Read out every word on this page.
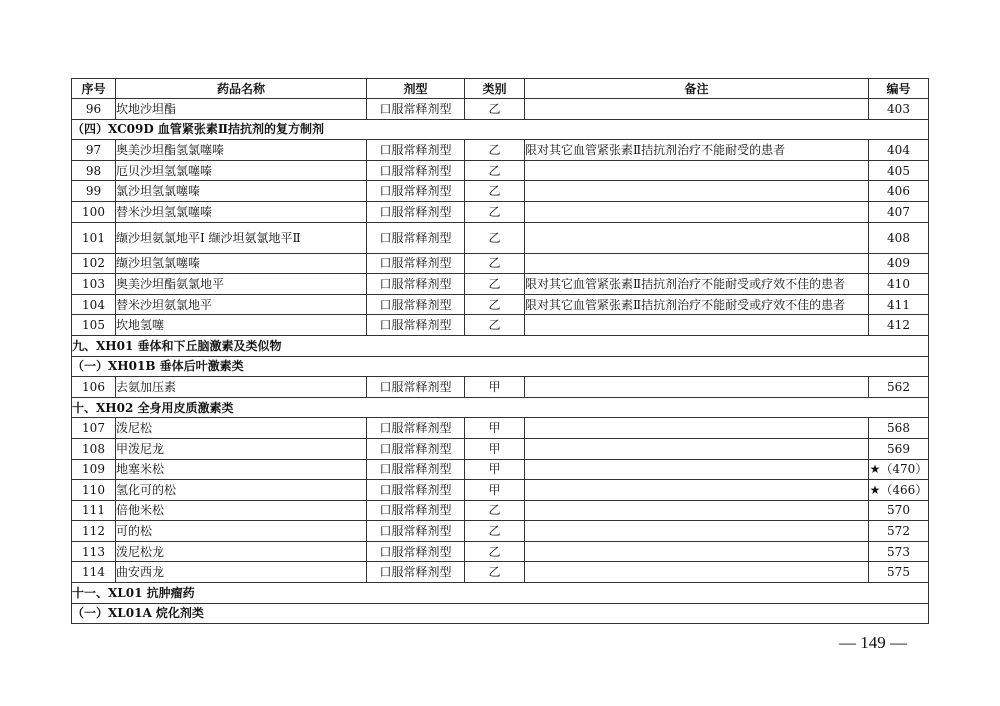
序号	药品名称	剂型	类别	备注	编号
96	坎地沙坦酯	口服常释剂型	乙		403
（四）XC09D 血管紧张素Ⅱ拮抗剂的复方制剂					
97	奥美沙坦酯氢氯噻嗪	口服常释剂型	乙	限对其它血管紧张素Ⅱ拮抗剂治疗不能耐受的患者	404
98	厄贝沙坦氢氯噻嗪	口服常释剂型	乙		405
99	氯沙坦氢氯噻嗪	口服常释剂型	乙		406
100	替米沙坦氢氯噻嗪	口服常释剂型	乙		407
101	缬沙坦氨氯地平Ⅰ 缬沙坦氨氯地平Ⅱ	口服常释剂型	乙		408
102	缬沙坦氢氯噻嗪	口服常释剂型	乙		409
103	奥美沙坦酯氨氯地平	口服常释剂型	乙	限对其它血管紧张素Ⅱ拮抗剂治疗不能耐受或疗效不佳的患者	410
104	替米沙坦氨氯地平	口服常释剂型	乙	限对其它血管紧张素Ⅱ拮抗剂治疗不能耐受或疗效不佳的患者	411
105	坎地氢噻	口服常释剂型	乙		412
九、XH01 垂体和下丘脑激素及类似物					
（一）XH01B 垂体后叶激素类					
106	去氨加压素	口服常释剂型	甲		562
十、XH02 全身用皮质激素类					
107	泼尼松	口服常释剂型	甲		568
108	甲泼尼龙	口服常释剂型	甲		569
109	地塞米松	口服常释剂型	甲		★（470）
110	氢化可的松	口服常释剂型	甲		★（466）
111	倍他米松	口服常释剂型	乙		570
112	可的松	口服常释剂型	乙		572
113	泼尼松龙	口服常释剂型	乙		573
114	曲安西龙	口服常释剂型	乙		575
十一、XL01 抗肿瘤药					
（一）XL01A 烷化剂类					
— 149 —
